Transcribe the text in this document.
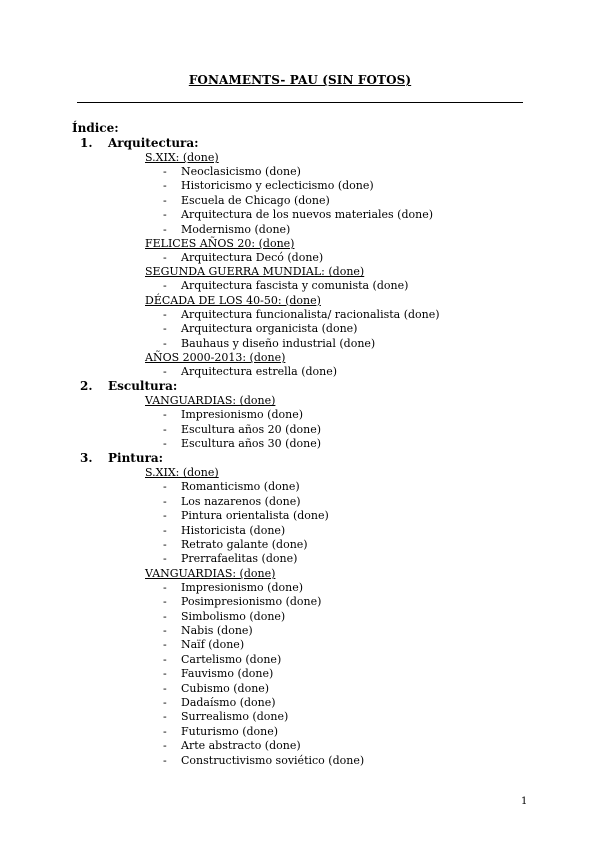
FONAMENTS- PAU (SIN FOTOS)
Índice:
1. Arquitectura:
S.XIX: (done)
- Neoclasicismo (done)
- Historicismo y eclecticismo (done)
- Escuela de Chicago (done)
- Arquitectura de los nuevos materiales (done)
- Modernismo (done)
FELICES AÑOS 20: (done)
- Arquitectura Decó (done)
SEGUNDA GUERRA MUNDIAL: (done)
- Arquitectura fascista y comunista (done)
DÉCADA DE LOS 40-50: (done)
- Arquitectura funcionalista/ racionalista (done)
- Arquitectura organicista (done)
- Bauhaus y diseño industrial (done)
AÑOS 2000-2013: (done)
- Arquitectura estrella (done)
2. Escultura:
VANGUARDIAS: (done)
- Impresionismo (done)
- Escultura años 20 (done)
- Escultura años 30 (done)
3. Pintura:
S.XIX: (done)
- Romanticismo (done)
- Los nazarenos (done)
- Pintura orientalista (done)
- Historicista (done)
- Retrato galante (done)
- Prerrafaelitas (done)
VANGUARDIAS: (done)
- Impresionismo (done)
- Posimpresionismo (done)
- Simbolismo (done)
- Nabis (done)
- Naïf (done)
- Cartelismo (done)
- Fauvismo (done)
- Cubismo (done)
- Dadaísmo (done)
- Surrealismo (done)
- Futurismo (done)
- Arte abstracto (done)
- Constructivismo soviético (done)
1
